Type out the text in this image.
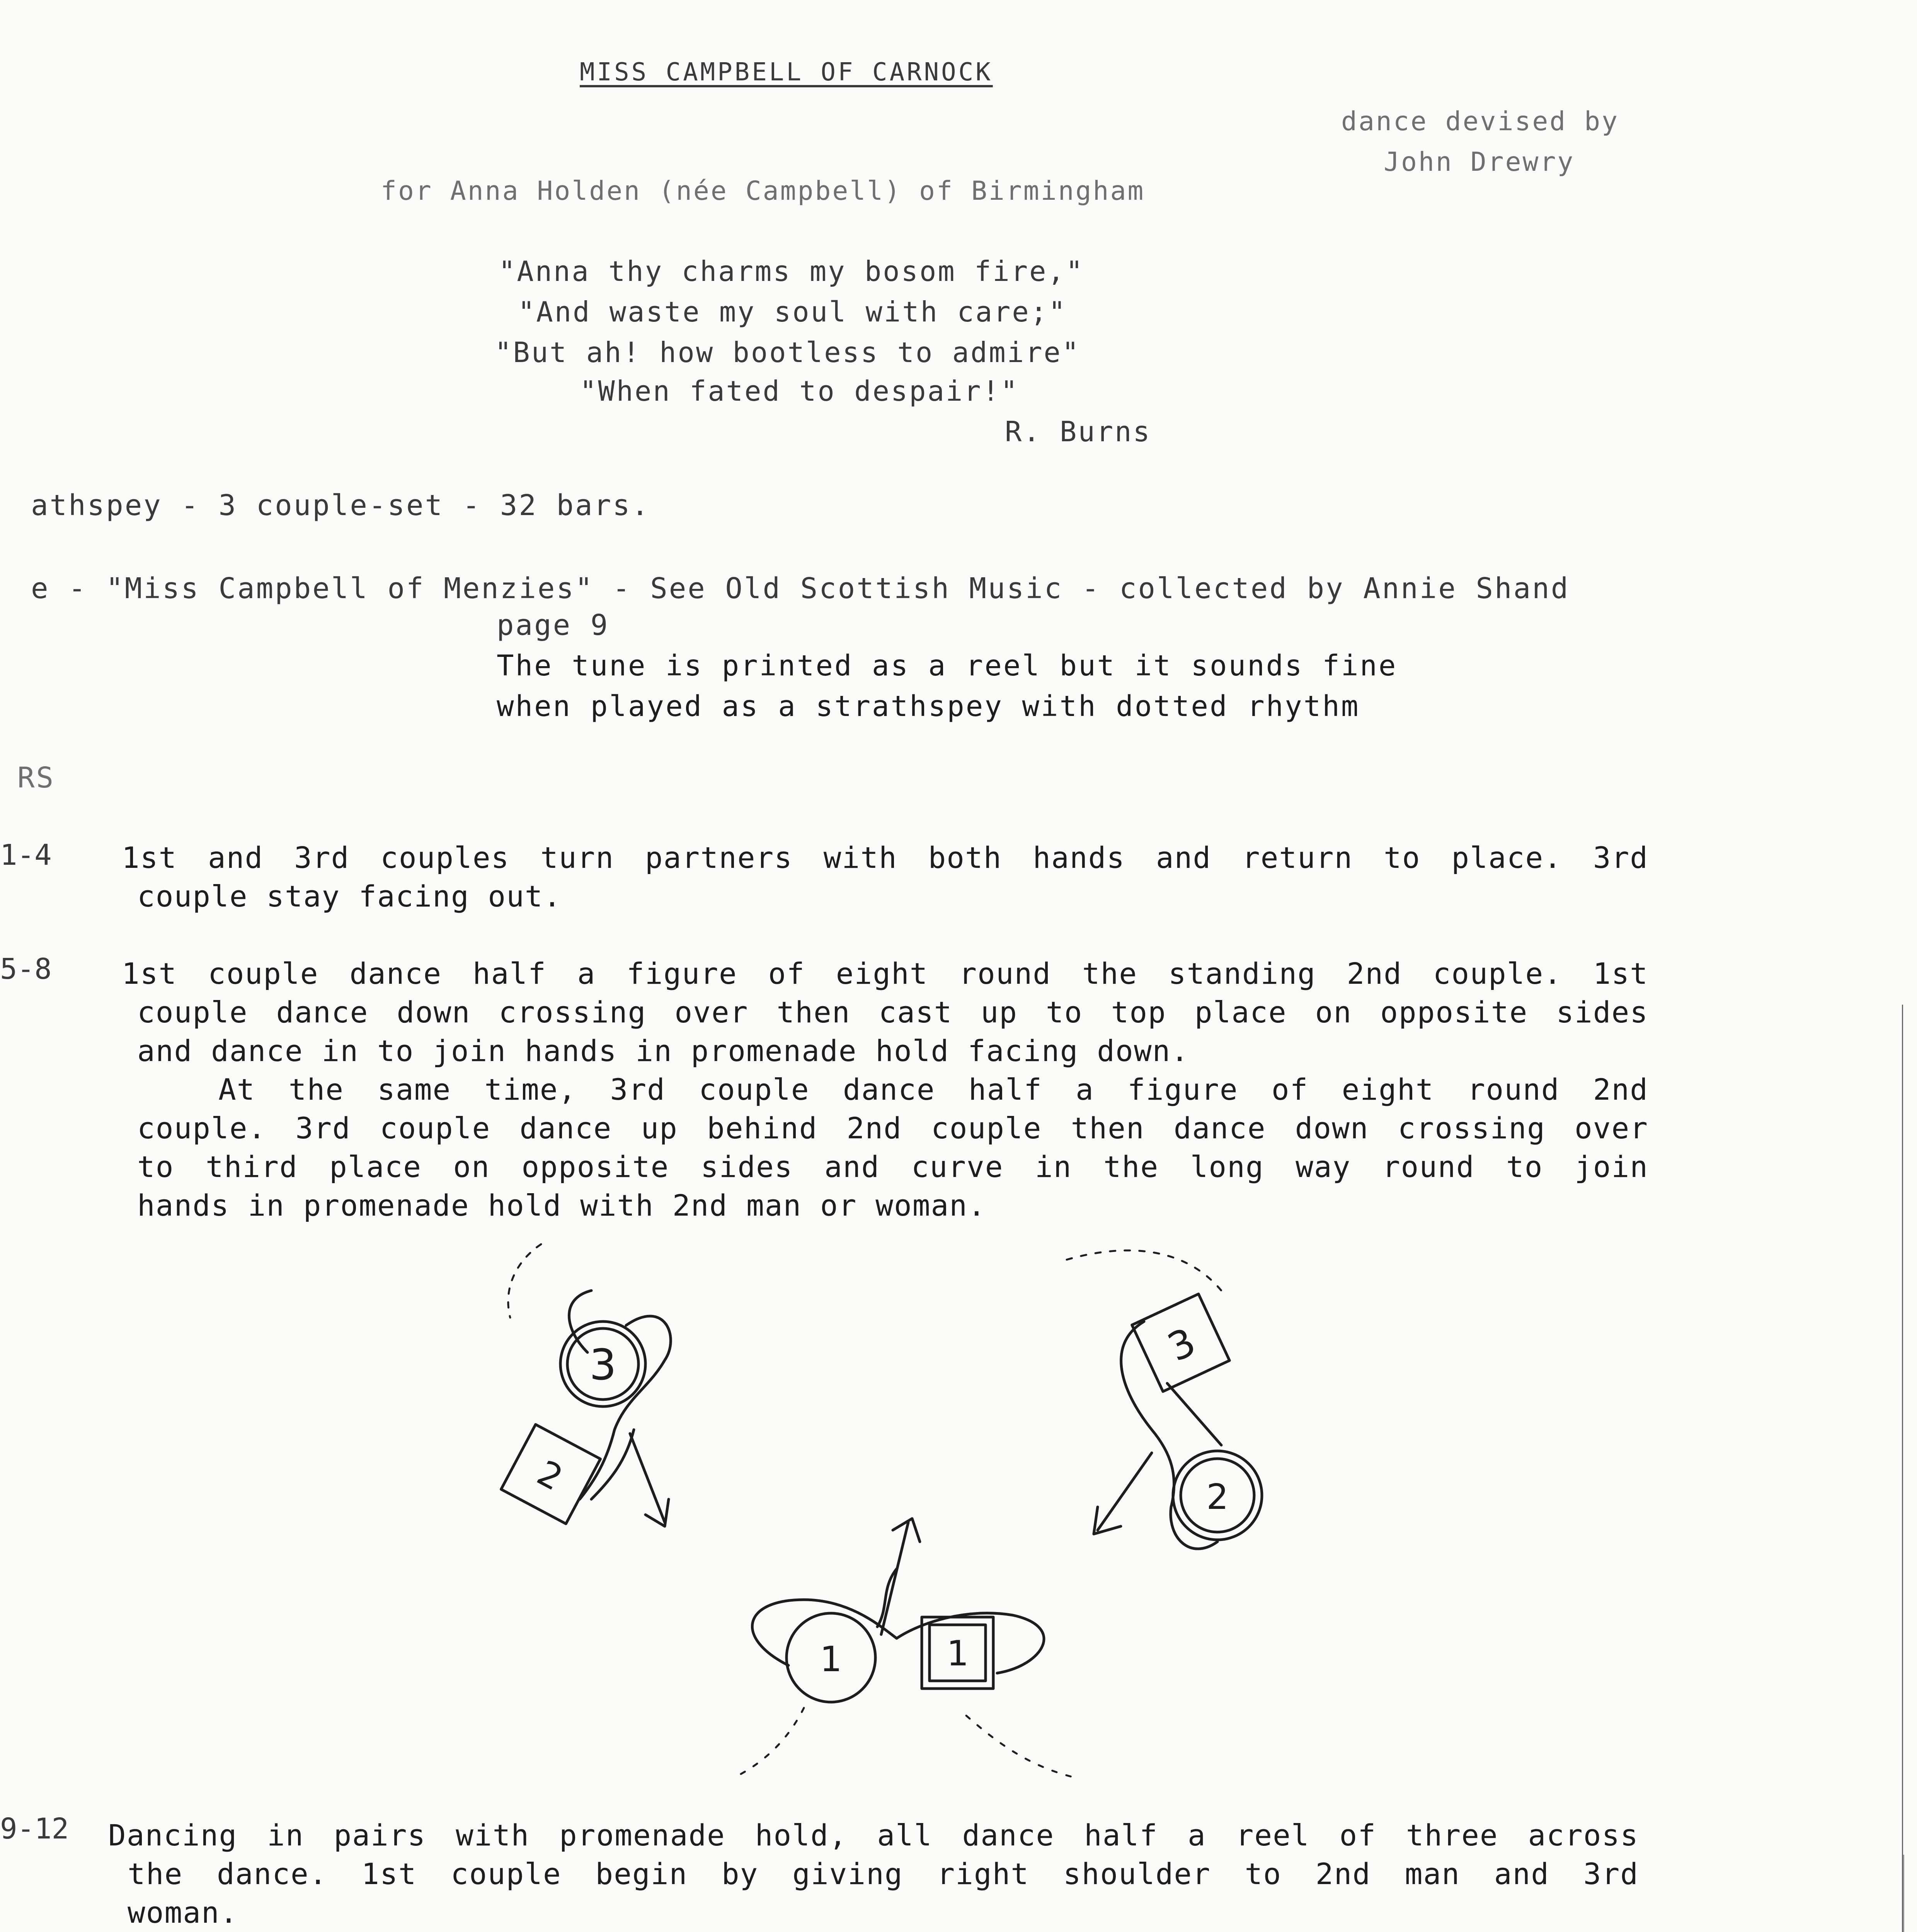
MISS CAMPBELL OF CARNOCK
dance devised by
John Drewry
for Anna Holden (née Campbell) of Birmingham
"Anna thy charms my bosom fire,"
"And waste my soul with care;"
"But ah! how bootless to admire"
"When fated to despair!"
R. Burns
athspey - 3 couple-set - 32 bars.
e - "Miss Campbell of Menzies" - See Old Scottish Music - collected by Annie Shand
page 9
The tune is printed as a reel but it sounds fine
when played as a strathspey with dotted rhythm
RS
1-4	1st and 3rd couples turn partners with both hands and return to place. 3rd
couple stay facing out.
5-8	1st couple dance half a figure of eight round the standing 2nd couple. 1st
couple dance down crossing over then cast up to top place on opposite sides
and dance in to join hands in promenade hold facing down.
At the same time, 3rd couple dance half a figure of eight round 2nd
couple. 3rd couple dance up behind 2nd couple then dance down crossing over
to third place on opposite sides and curve in the long way round to join
hands in promenade hold with 2nd man or woman.
3
2
3
2
1	1
9-12	Dancing in pairs with promenade hold, all dance half a reel of three across
the dance. 1st couple begin by giving right shoulder to 2nd man and 3rd
woman.
